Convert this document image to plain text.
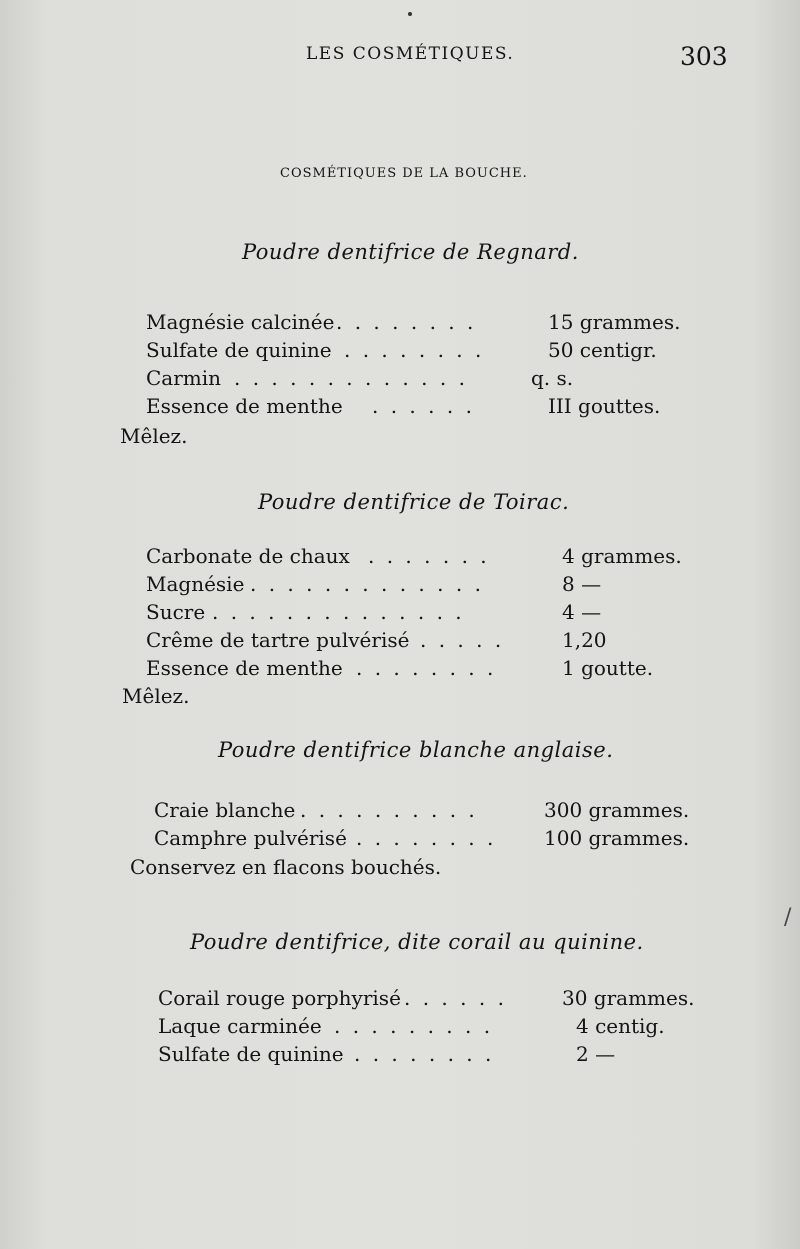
/
LES COSMÉTIQUES.	303
COSMÉTIQUES DE LA BOUCHE.
Poudre dentifrice de Regnard.
Magnésie calcinée . . . . . . . .	15 grammes.
Sulfate de quinine . . . . . . . .	50 centigr.
Carmin . . . . . . . . . . . . .	q. s.
Essence de menthe . . . . . .	III gouttes.
Mêlez.
Poudre dentifrice de Toirac.
Carbonate de chaux . . . . . . .	4 grammes.
Magnésie . . . . . . . . . . . . .	8 —
Sucre . . . . . . . . . . . . . .	4 —
Crême de tartre pulvérisé . . . . .	1,20
Essence de menthe . . . . . . . .	1 goutte.
Mêlez.
Poudre dentifrice blanche anglaise.
Craie blanche . . . . . . . . . .	300 grammes.
Camphre pulvérisé . . . . . . . . 100 grammes.
Conservez en flacons bouchés.
Poudre dentifrice, dite corail au quinine.
Corail rouge porphyrisé . . . . . .	30 grammes.
Laque carminée . . . . . . . . .	4 centig.
Sulfate de quinine . . . . . . . .	2 —
